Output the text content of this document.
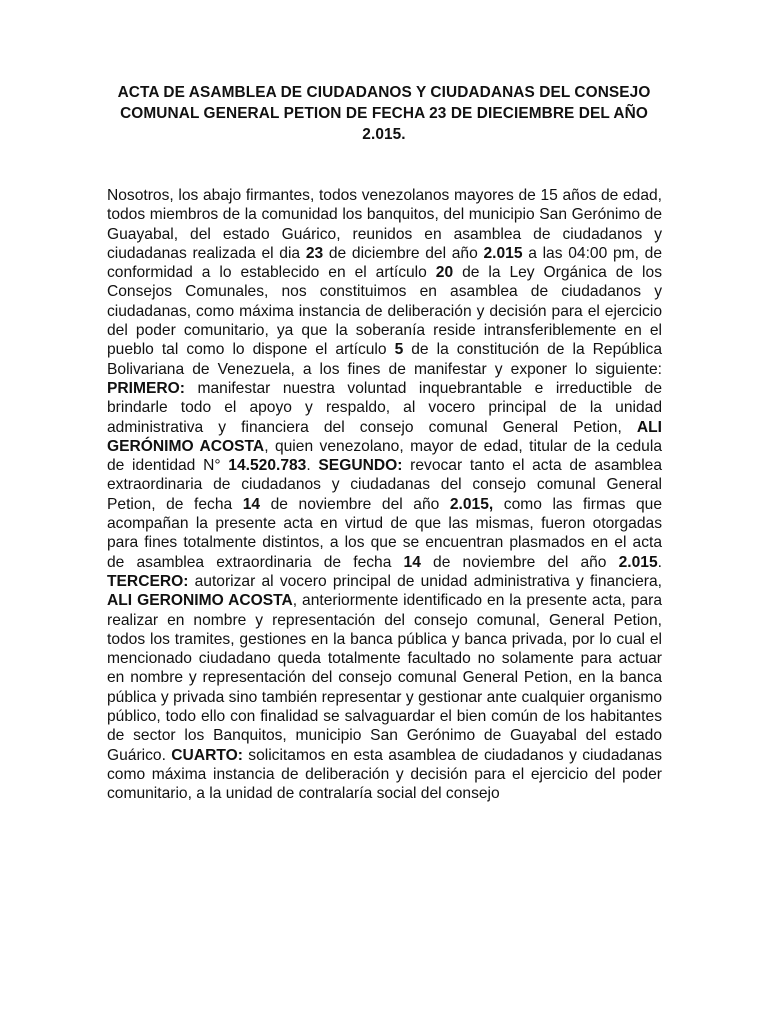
ACTA DE ASAMBLEA DE CIUDADANOS Y CIUDADANAS DEL CONSEJO COMUNAL GENERAL PETION DE FECHA 23 DE DIECIEMBRE DEL AÑO 2.015.
Nosotros, los abajo firmantes, todos venezolanos mayores de 15 años de edad, todos miembros de la comunidad los banquitos, del municipio San Gerónimo de Guayabal, del estado Guárico, reunidos en asamblea de ciudadanos y ciudadanas realizada el dia 23 de diciembre del año 2.015 a las 04:00 pm, de conformidad a lo establecido en el artículo 20 de la Ley Orgánica de los Consejos Comunales, nos constituimos en asamblea de ciudadanos y ciudadanas, como máxima instancia de deliberación y decisión para el ejercicio del poder comunitario, ya que la soberanía reside intransferiblemente en el pueblo tal como lo dispone el artículo 5 de la constitución de la República Bolivariana de Venezuela, a los fines de manifestar y exponer lo siguiente: PRIMERO: manifestar nuestra voluntad inquebrantable e irreductible de brindarle todo el apoyo y respaldo, al vocero principal de la unidad administrativa y financiera del consejo comunal General Petion, ALI GERÓNIMO ACOSTA, quien venezolano, mayor de edad, titular de la cedula de identidad N° 14.520.783. SEGUNDO: revocar tanto el acta de asamblea extraordinaria de ciudadanos y ciudadanas del consejo comunal General Petion, de fecha 14 de noviembre del año 2.015, como las firmas que acompañan la presente acta en virtud de que las mismas, fueron otorgadas para fines totalmente distintos, a los que se encuentran plasmados en el acta de asamblea extraordinaria de fecha 14 de noviembre del año 2.015. TERCERO: autorizar al vocero principal de unidad administrativa y financiera, ALI GERONIMO ACOSTA, anteriormente identificado en la presente acta, para realizar en nombre y representación del consejo comunal, General Petion, todos los tramites, gestiones en la banca pública y banca privada, por lo cual el mencionado ciudadano queda totalmente facultado no solamente para actuar en nombre y representación del consejo comunal General Petion, en la banca pública y privada sino también representar y gestionar ante cualquier organismo público, todo ello con finalidad se salvaguardar el bien común de los habitantes de sector los Banquitos, municipio San Gerónimo de Guayabal del estado Guárico. CUARTO: solicitamos en esta asamblea de ciudadanos y ciudadanas como máxima instancia de deliberación y decisión para el ejercicio del poder comunitario, a la unidad de contralaría social del consejo
